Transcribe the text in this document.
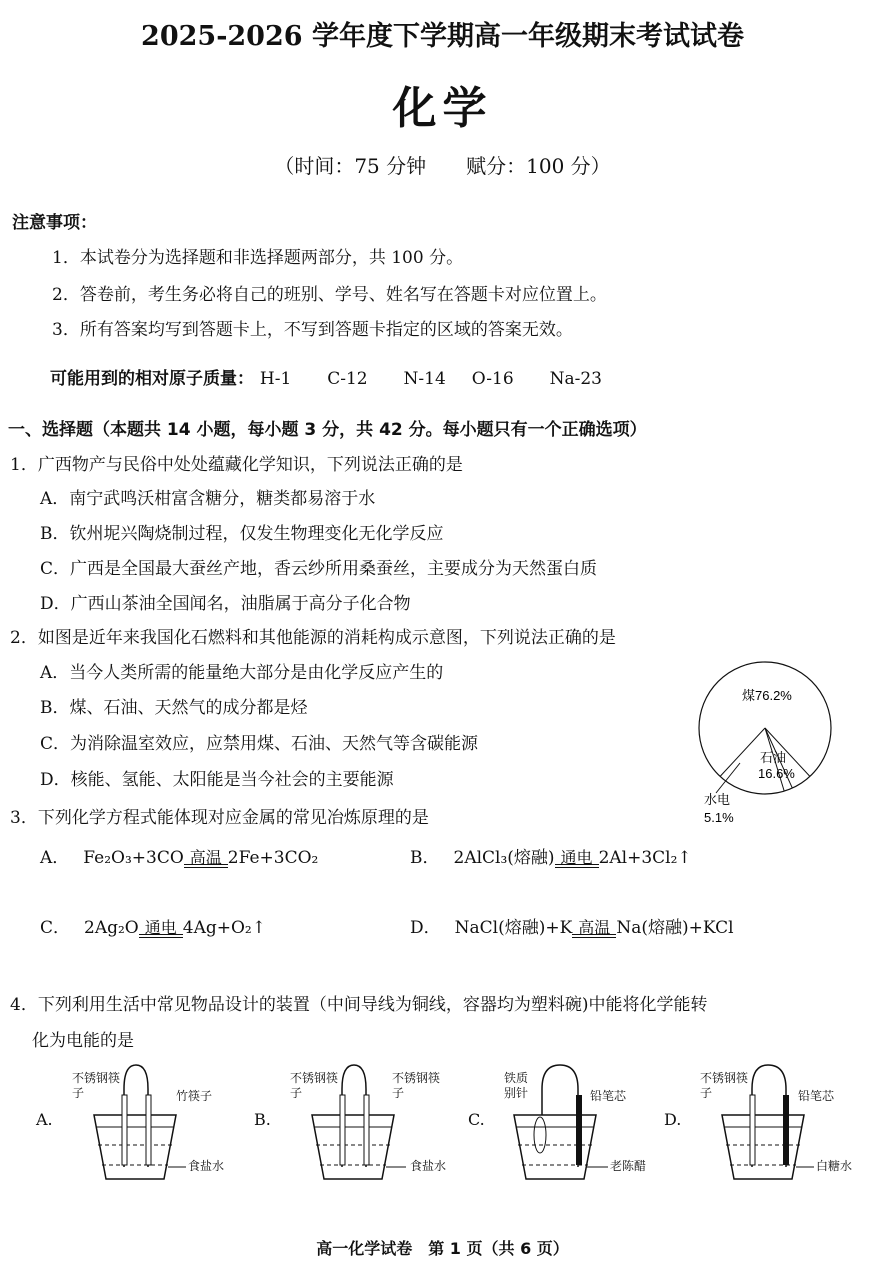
2025-2026 学年度下学期高一年级期末考试试卷
化学
（时间：75 分钟　　赋分：100 分）
注意事项：
1．本试卷分为选择题和非选择题两部分，共 100 分。
2．答卷前，考生务必将自己的班别、学号、姓名写在答题卡对应位置上。
3．所有答案均写到答题卡上，不写到答题卡指定的区域的答案无效。
可能用到的相对原子质量： H-1 C-12 N-14 O-16 Na-23
一、选择题（本题共 14 小题，每小题 3 分，共 42 分。每小题只有一个正确选项）
1．广西物产与民俗中处处蕴藏化学知识，下列说法正确的是
A．南宁武鸣沃柑富含糖分，糖类都易溶于水
B．钦州坭兴陶烧制过程，仅发生物理变化无化学反应
C．广西是全国最大蚕丝产地，香云纱所用桑蚕丝，主要成分为天然蛋白质
D．广西山茶油全国闻名，油脂属于高分子化合物
2．如图是近年来我国化石燃料和其他能源的消耗构成示意图，下列说法正确的是
A．当今人类所需的能量绝大部分是由化学反应产生的
B．煤、石油、天然气的成分都是烃
C．为消除温室效应，应禁用煤、石油、天然气等含碳能源
D．核能、氢能、太阳能是当今社会的主要能源
煤76.2%
石油
16.6%
水电
5.1%
3．下列化学方程式能体现对应金属的常见冶炼原理的是
A． Fe₂O₃+3CO 高温 2Fe+3CO₂	B． 2AlCl₃(熔融) 通电 2Al+3Cl₂↑
C． 2Ag₂O 通电 4Ag+O₂↑	D． NaCl(熔融)+K 高温 Na(熔融)+KCl
4．下列利用生活中常见物品设计的装置（中间导线为铜线，容器均为塑料碗)中能将化学能转
化为电能的是
A.
不锈钢筷子	竹筷子
食盐水
B.
不锈钢筷子
不锈钢筷子
食盐水
C.
铁质别针	铅笔芯
老陈醋
D.
不锈钢筷子	铅笔芯
白糖水
高一化学试卷　第 1 页（共 6 页）
